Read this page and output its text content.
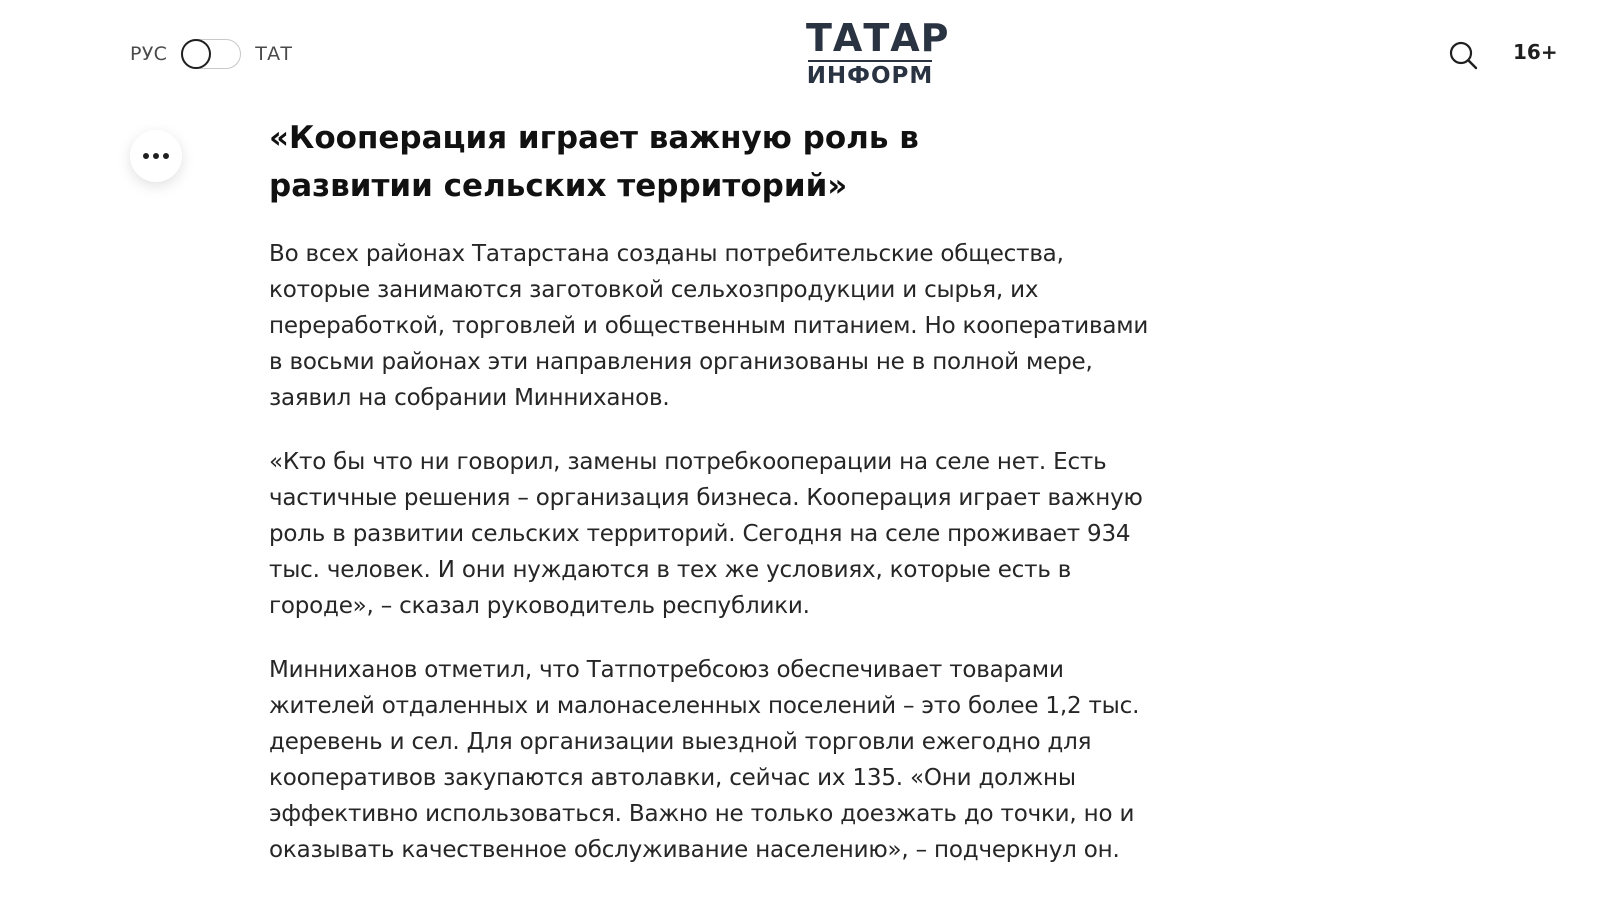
РУС	ТАТ	ТАТАР
ИНФОРМ
16+
«Кооперация играет важную роль в развитии сельских территорий»

Во всех районах Татарстана созданы потребительские общества, которые занимаются заготовкой сельхозпродукции и сырья, их переработкой, торговлей и общественным питанием. Но кооперативами в восьми районах эти направления организованы не в полной мере, заявил на собрании Минниханов.

«Кто бы что ни говорил, замены потребкооперации на селе нет. Есть частичные решения – организация бизнеса. Кооперация играет важную роль в развитии сельских территорий. Сегодня на селе проживает 934 тыс. человек. И они нуждаются в тех же условиях, которые есть в городе», – сказал руководитель республики.

Минниханов отметил, что Татпотребсоюз обеспечивает товарами жителей отдаленных и малонаселенных поселений – это более 1,2 тыс. деревень и сел. Для организации выездной торговли ежегодно для кооперативов закупаются автолавки, сейчас их 135. «Они должны эффективно использоваться. Важно не только доезжать до точки, но и оказывать качественное обслуживание населению», – подчеркнул он.
